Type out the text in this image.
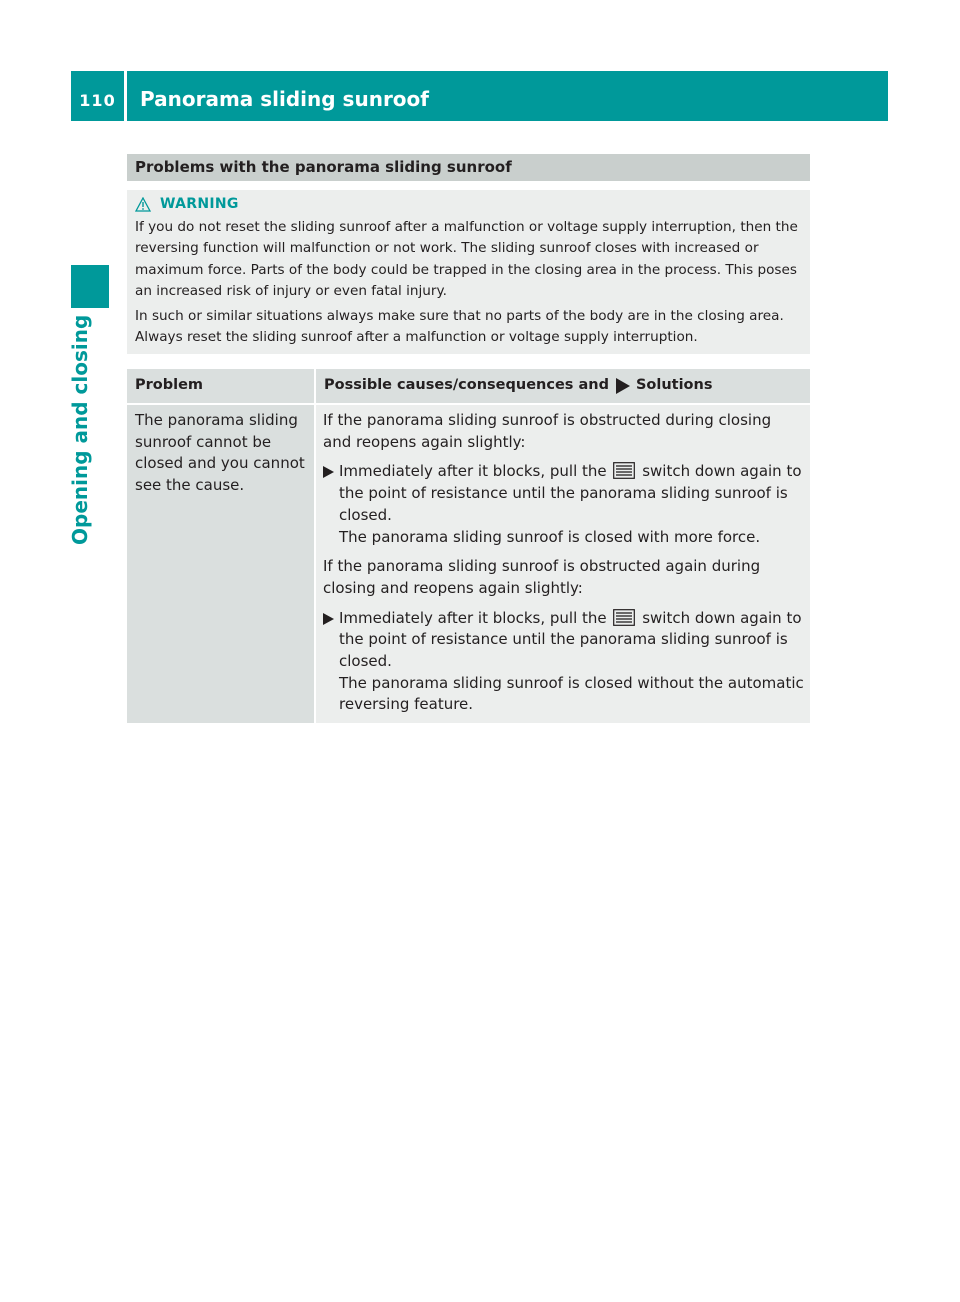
110	Panorama sliding sunroof
Opening and closing
Problems with the panorama sliding sunroof
WARNING

If you do not reset the sliding sunroof after a malfunction or voltage supply interruption, then the reversing function will malfunction or not work. The sliding sunroof closes with increased or maximum force. Parts of the body could be trapped in the closing area in the process. This poses an increased risk of injury or even fatal injury.

In such or similar situations always make sure that no parts of the body are in the closing area. Always reset the sliding sunroof after a malfunction or voltage supply interruption.

Problem	Possible causes/consequences and Solutions
The panorama sliding sunroof cannot be closed and you cannot see the cause.

If the panorama sliding sunroof is obstructed during closing and reopens again slightly:

Immediately after it blocks, pull the switch down again to the point of resistance until the panorama sliding sunroof is closed.
The panorama sliding sunroof is closed with more force.

If the panorama sliding sunroof is obstructed again during closing and reopens again slightly:

Immediately after it blocks, pull the switch down again to the point of resistance until the panorama sliding sunroof is closed.
The panorama sliding sunroof is closed without the automatic reversing feature.
